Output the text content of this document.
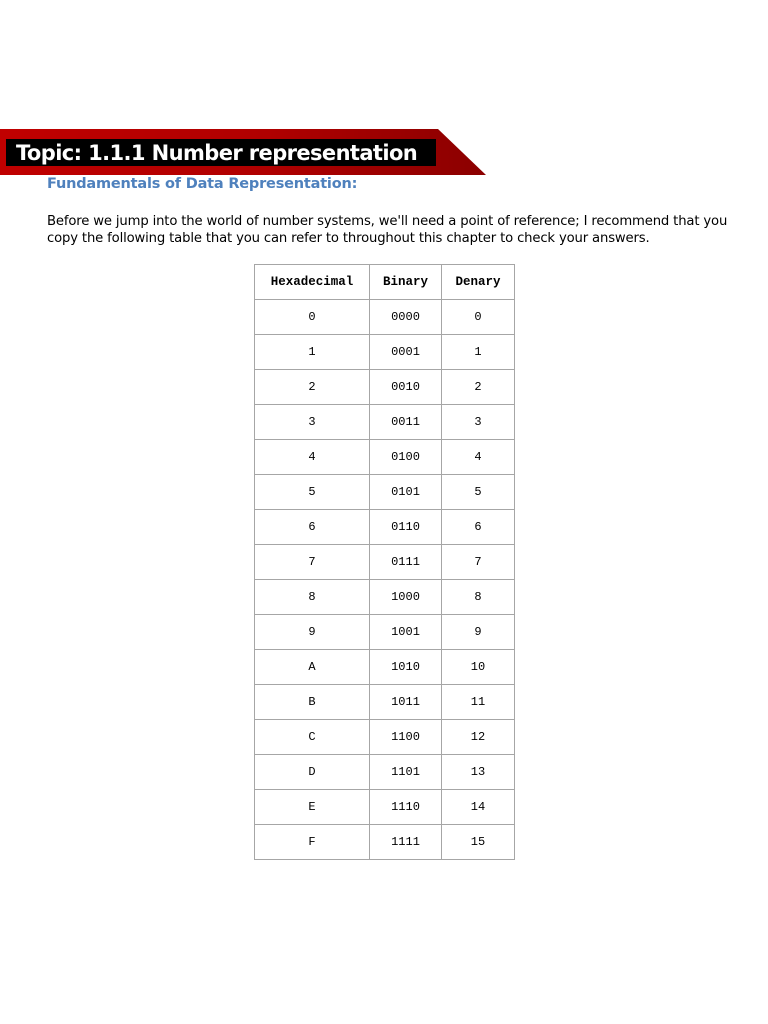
Topic: 1.1.1 Number representation
Fundamentals of Data Representation:

Before we jump into the world of number systems, we'll need a point of reference; I recommend that you copy the following table that you can refer to throughout this chapter to check your answers.

Hexadecimal	Binary	Denary
0	0000	0
1	0001	1
2	0010	2
3	0011	3
4	0100	4
5	0101	5
6	0110	6
7	0111	7
8	1000	8
9	1001	9
A	1010	10
B	1011	11
C	1100	12
D	1101	13
E	1110	14
F	1111	15
